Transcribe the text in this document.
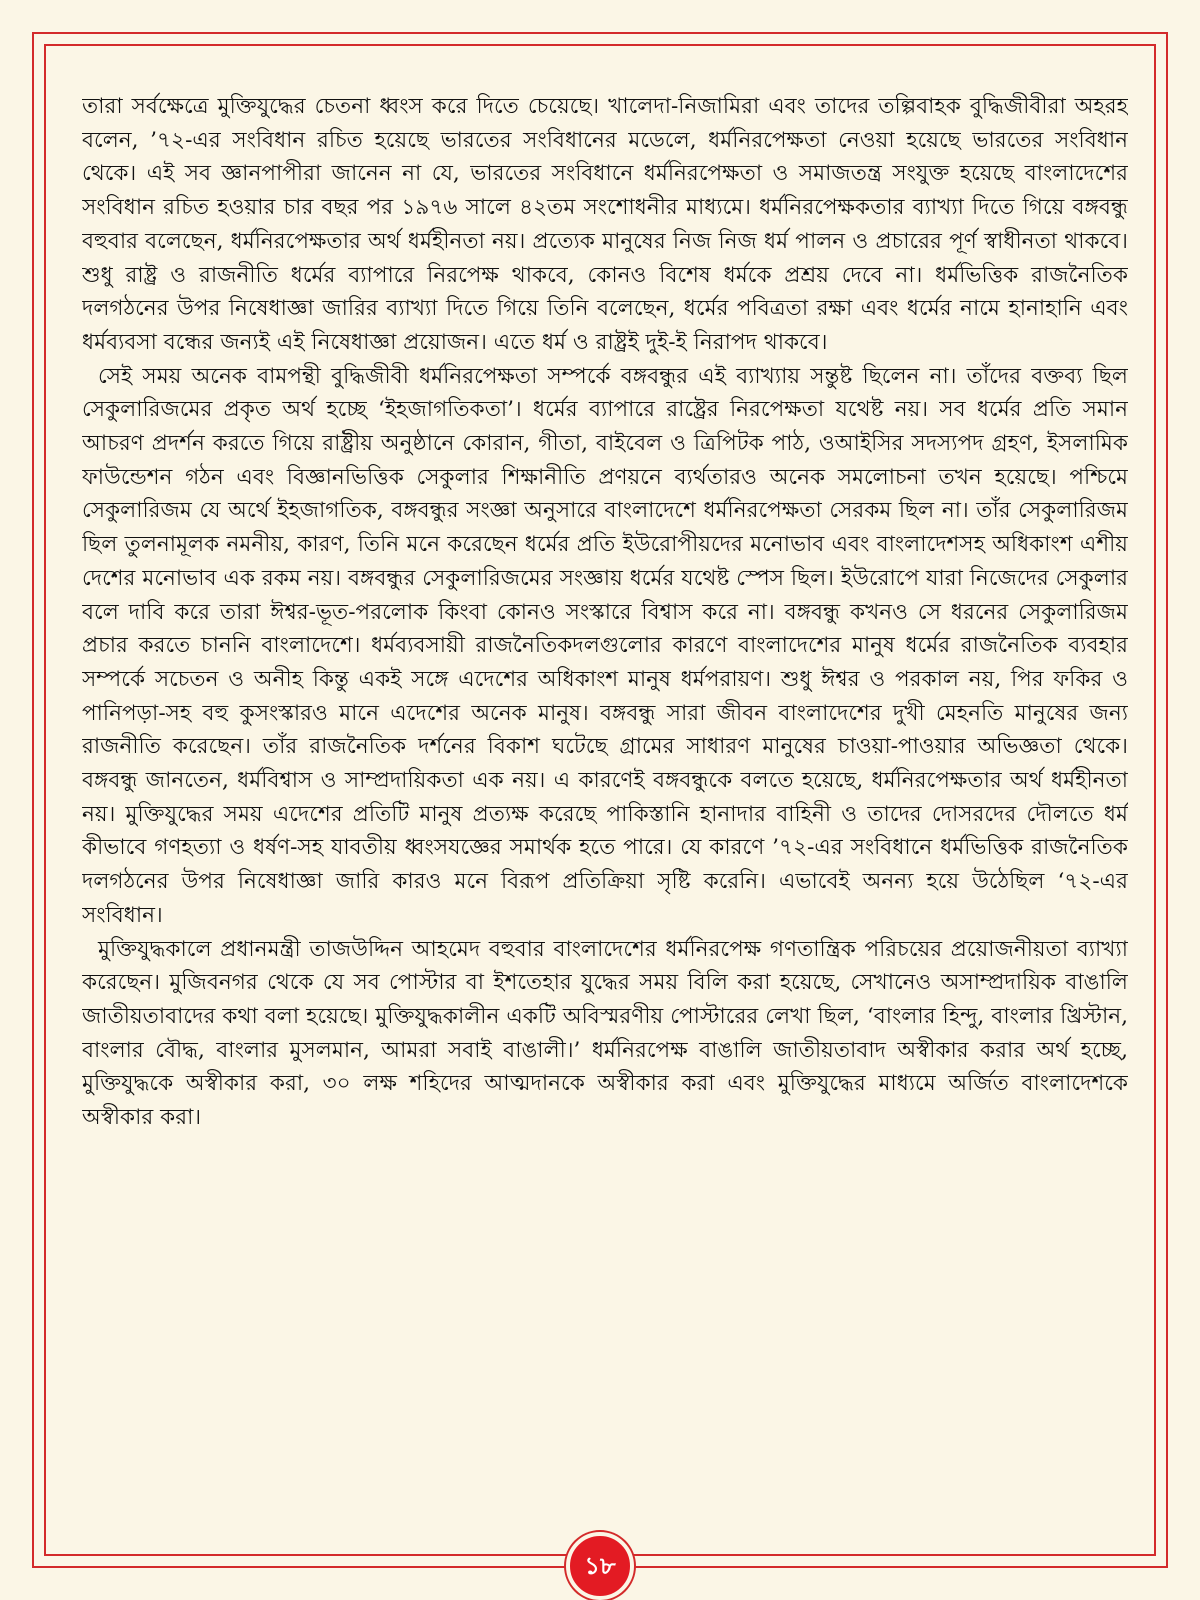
তারা সর্বক্ষেত্রে মুক্তিযুদ্ধের চেতনা ধ্বংস করে দিতে চেয়েছে। খালেদা-নিজামিরা এবং তাদের তল্পিবাহক বুদ্ধিজীবীরা অহরহ বলেন, ’৭২-এর সংবিধান রচিত হয়েছে ভারতের সংবিধানের মডেলে, ধর্মনিরপেক্ষতা নেওয়া হয়েছে ভারতের সংবিধান থেকে। এই সব জ্ঞানপাপীরা জানেন না যে, ভারতের সংবিধানে ধর্মনিরপেক্ষতা ও সমাজতন্ত্র সংযুক্ত হয়েছে বাংলাদেশের সংবিধান রচিত হওয়ার চার বছর পর ১৯৭৬ সালে ৪২তম সংশোধনীর মাধ্যমে। ধর্মনিরপেক্ষকতার ব্যাখ্যা দিতে গিয়ে বঙ্গবন্ধু বহুবার বলেছেন, ধর্মনিরপেক্ষতার অর্থ ধর্মহীনতা নয়। প্রত্যেক মানুষের নিজ নিজ ধর্ম পালন ও প্রচারের পূর্ণ স্বাধীনতা থাকবে। শুধু রাষ্ট্র ও রাজনীতি ধর্মের ব্যাপারে নিরপেক্ষ থাকবে, কোনও বিশেষ ধর্মকে প্রশ্রয় দেবে না। ধর্মভিত্তিক রাজনৈতিক দলগঠনের উপর নিষেধাজ্ঞা জারির ব্যাখ্যা দিতে গিয়ে তিনি বলেছেন, ধর্মের পবিত্রতা রক্ষা এবং ধর্মের নামে হানাহানি এবং ধর্মব্যবসা বন্ধের জন্যই এই নিষেধাজ্ঞা প্রয়োজন। এতে ধর্ম ও রাষ্ট্রই দুই-ই নিরাপদ থাকবে।

সেই সময় অনেক বামপন্থী বুদ্ধিজীবী ধর্মনিরপেক্ষতা সম্পর্কে বঙ্গবন্ধুর এই ব্যাখ্যায় সন্তুষ্ট ছিলেন না। তাঁদের বক্তব্য ছিল সেকুলারিজমের প্রকৃত অর্থ হচ্ছে ‘ইহজাগতিকতা’। ধর্মের ব্যাপারে রাষ্ট্রের নিরপেক্ষতা যথেষ্ট নয়। সব ধর্মের প্রতি সমান আচরণ প্রদর্শন করতে গিয়ে রাষ্ট্রীয় অনুষ্ঠানে কোরান, গীতা, বাইবেল ও ত্রিপিটক পাঠ, ওআইসির সদস্যপদ গ্রহণ, ইসলামিক ফাউন্ডেশন গঠন এবং বিজ্ঞানভিত্তিক সেকুলার শিক্ষানীতি প্রণয়নে ব্যর্থতারও অনেক সমলোচনা তখন হয়েছে। পশ্চিমে সেকুলারিজম যে অর্থে ইহজাগতিক, বঙ্গবন্ধুর সংজ্ঞা অনুসারে বাংলাদেশে ধর্মনিরপেক্ষতা সেরকম ছিল না। তাঁর সেকুলারিজম ছিল তুলনামূলক নমনীয়, কারণ, তিনি মনে করেছেন ধর্মের প্রতি ইউরোপীয়দের মনোভাব এবং বাংলাদেশসহ অধিকাংশ এশীয় দেশের মনোভাব এক রকম নয়। বঙ্গবন্ধুর সেকুলারিজমের সংজ্ঞায় ধর্মের যথেষ্ট স্পেস ছিল। ইউরোপে যারা নিজেদের সেকুলার বলে দাবি করে তারা ঈশ্বর-ভূত-পরলোক কিংবা কোনও সংস্কারে বিশ্বাস করে না। বঙ্গবন্ধু কখনও সে ধরনের সেকুলারিজম প্রচার করতে চাননি বাংলাদেশে। ধর্মব্যবসায়ী রাজনৈতিকদলগুলোর কারণে বাংলাদেশের মানুষ ধর্মের রাজনৈতিক ব্যবহার সম্পর্কে সচেতন ও অনীহ কিন্তু একই সঙ্গে এদেশের অধিকাংশ মানুষ ধর্মপরায়ণ। শুধু ঈশ্বর ও পরকাল নয়, পির ফকির ও পানিপড়া-সহ বহু কুসংস্কারও মানে এদেশের অনেক মানুষ। বঙ্গবন্ধু সারা জীবন বাংলাদেশের দুখী মেহনতি মানুষের জন্য রাজনীতি করেছেন। তাঁর রাজনৈতিক দর্শনের বিকাশ ঘটেছে গ্রামের সাধারণ মানুষের চাওয়া-পাওয়ার অভিজ্ঞতা থেকে। বঙ্গবন্ধু জানতেন, ধর্মবিশ্বাস ও সাম্প্রদায়িকতা এক নয়। এ কারণেই বঙ্গবন্ধুকে বলতে হয়েছে, ধর্মনিরপেক্ষতার অর্থ ধর্মহীনতা নয়। মুক্তিযুদ্ধের সময় এদেশের প্রতিটি মানুষ প্রত্যক্ষ করেছে পাকিস্তানি হানাদার বাহিনী ও তাদের দোসরদের দৌলতে ধর্ম কীভাবে গণহত্যা ও ধর্ষণ-সহ যাবতীয় ধ্বংসযজ্ঞের সমার্থক হতে পারে। যে কারণে ’৭২-এর সংবিধানে ধর্মভিত্তিক রাজনৈতিক দলগঠনের উপর নিষেধাজ্ঞা জারি কারও মনে বিরূপ প্রতিক্রিয়া সৃষ্টি করেনি। এভাবেই অনন্য হয়ে উঠেছিল ‘৭২-এর সংবিধান।

মুক্তিযুদ্ধকালে প্রধানমন্ত্রী তাজউদ্দিন আহমেদ বহুবার বাংলাদেশের ধর্মনিরপেক্ষ গণতান্ত্রিক পরিচয়ের প্রয়োজনীয়তা ব্যাখ্যা করেছেন। মুজিবনগর থেকে যে সব পোস্টার বা ইশতেহার যুদ্ধের সময় বিলি করা হয়েছে, সেখানেও অসাম্প্রদায়িক বাঙালি জাতীয়তাবাদের কথা বলা হয়েছে। মুক্তিযুদ্ধকালীন একটি অবিস্মরণীয় পোস্টারের লেখা ছিল, ‘বাংলার হিন্দু, বাংলার খ্রিস্টান, বাংলার বৌদ্ধ, বাংলার মুসলমান, আমরা সবাই বাঙালী।’ ধর্মনিরপেক্ষ বাঙালি জাতীয়তাবাদ অস্বীকার করার অর্থ হচ্ছে, মুক্তিযুদ্ধকে অস্বীকার করা, ৩০ লক্ষ শহিদের আত্মদানকে অস্বীকার করা এবং মুক্তিযুদ্ধের মাধ্যমে অর্জিত বাংলাদেশকে অস্বীকার করা।

১৮
